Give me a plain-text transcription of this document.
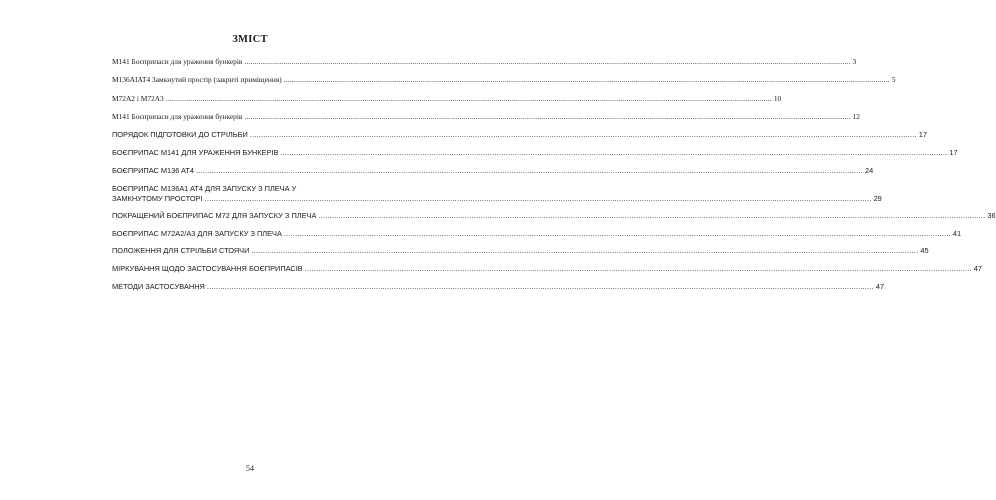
ЗМІСТ
M141 Боєприпаси для ураження бункерів .....	3
M136AIAT4 Замкнутий простір (закриті приміщення) .....	5
M72A2 і M72A3 .....	10
M141 Боєприпаси для ураження бункерів .....	12
ПОРЯДОК ПІДГОТОВКИ ДО СТРІЛЬБИ .....	17
БОЄПРИПАС M141 ДЛЯ УРАЖЕННЯ БУНКЕРІВ .....	17
БОЄПРИПАС M136 AT4 .....	24
БОЄПРИПАС M136A1 AT4 ДЛЯ ЗАПУСКУ З ПЛЕЧА У
ЗАМКНУТОМУ ПРОСТОРІ .....	29
ПОКРАЩЕНИЙ БОЄПРИПАС M72 ДЛЯ ЗАПУСКУ З ПЛЕЧА .....	36
БОЄПРИПАС M72A2/A3 ДЛЯ ЗАПУСКУ З ПЛЕЧА .....	41
ПОЛОЖЕННЯ ДЛЯ СТРІЛЬБИ СТОЯЧИ .....	45
МІРКУВАННЯ ЩОДО ЗАСТОСУВАННЯ БОЄПРИПАСІВ .....	47
МЕТОДИ ЗАСТОСУВАННЯ .....	47
54
